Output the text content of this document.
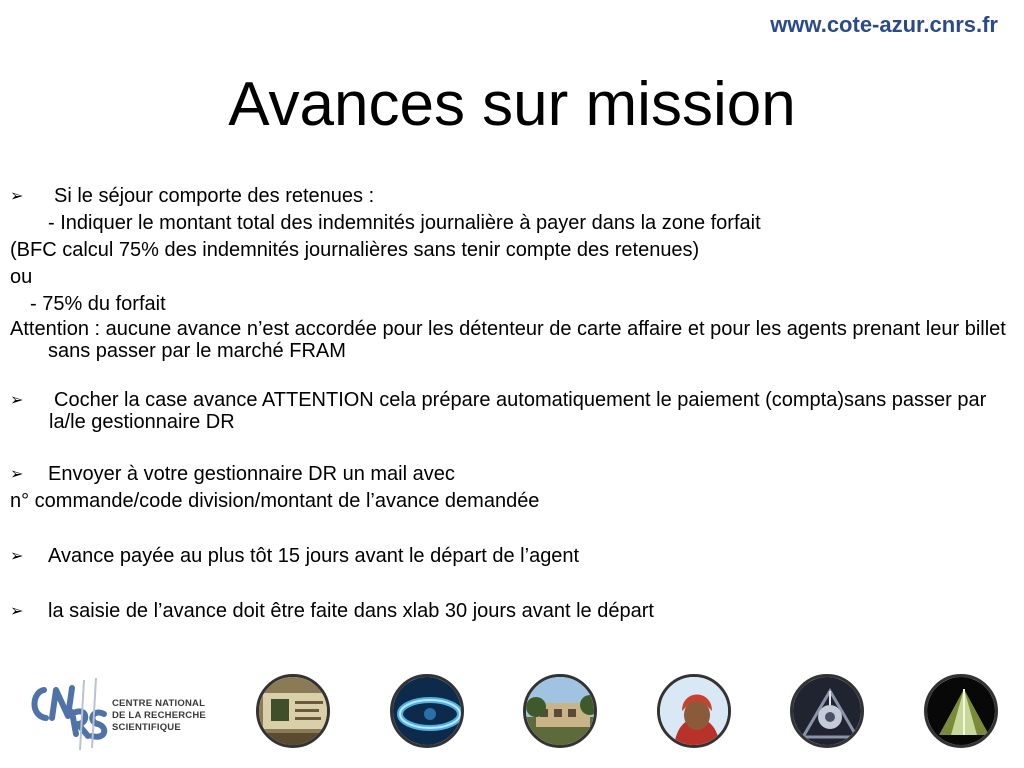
www.cote-azur.cnrs.fr
Avances sur mission
➢ Si le séjour comporte des retenues :
- Indiquer le montant total des indemnités journalière à payer dans la zone forfait
(BFC calcul 75% des indemnités journalières sans tenir compte des retenues)
ou
- 75% du forfait
Attention : aucune avance n’est accordée pour les détenteur de carte affaire et pour les agents prenant leur billet sans passer par le marché FRAM
➢ Cocher la case avance ATTENTION cela prépare automatiquement le paiement (compta)sans passer par la/le gestionnaire DR
➢ Envoyer à votre gestionnaire DR un mail avec
n° commande/code division/montant de l’avance demandée
➢ Avance payée au plus tôt 15 jours avant le départ de l’agent
➢ la saisie de l’avance doit être faite dans xlab 30 jours avant le départ
CENTRE NATIONAL
DE LA RECHERCHE
SCIENTIFIQUE
